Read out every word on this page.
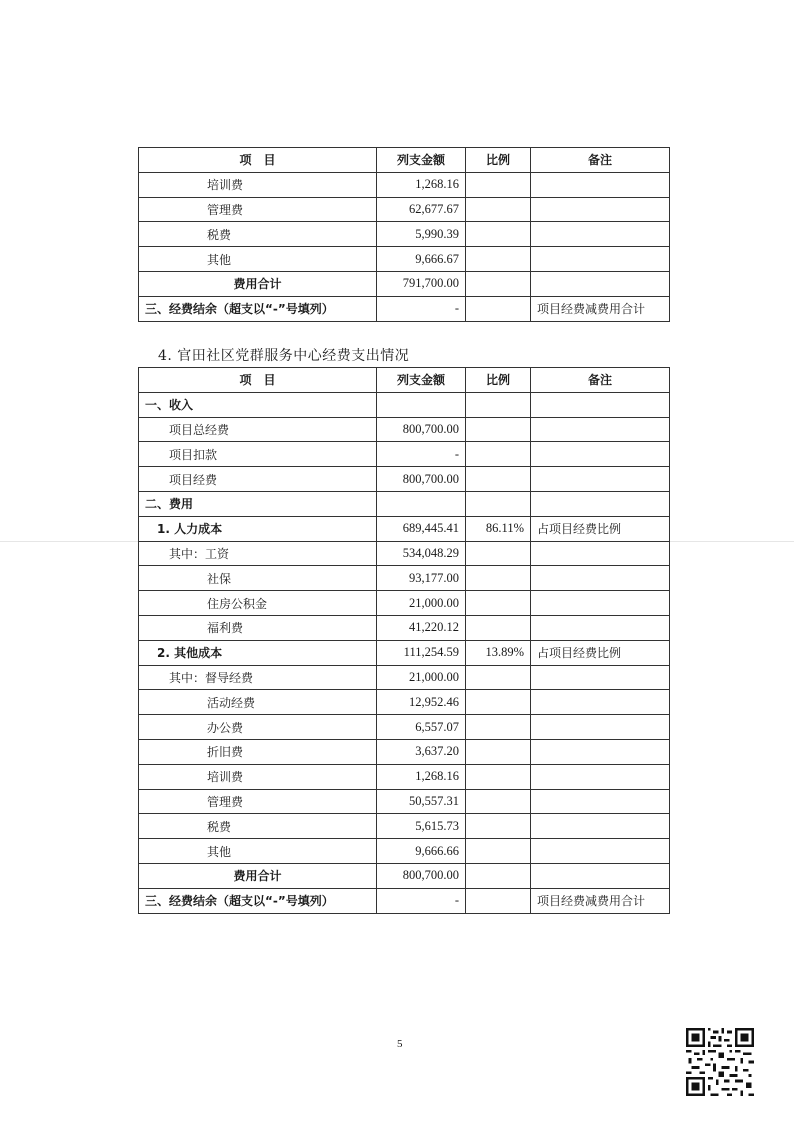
项　目	列支金额	比例	备注
培训费	1,268.16		
管理费	62,677.67		
税费	5,990.39		
其他	9,666.67		
费用合计	791,700.00		
三、经费结余（超支以“-”号填列）	-		项目经费减费用合计
4. 官田社区党群服务中心经费支出情况
项　目	列支金额	比例	备注
一、收入			
项目总经费	800,700.00		
项目扣款	-		
项目经费	800,700.00		
二、费用			
1. 人力成本	689,445.41	86.11%	占项目经费比例
其中：工资	534,048.29		
社保	93,177.00		
住房公积金	21,000.00		
福利费	41,220.12		
2. 其他成本	111,254.59	13.89%	占项目经费比例
其中：督导经费	21,000.00		
活动经费	12,952.46		
办公费	6,557.07		
折旧费	3,637.20		
培训费	1,268.16		
管理费	50,557.31		
税费	5,615.73		
其他	9,666.66		
费用合计	800,700.00		
三、经费结余（超支以“-”号填列）	-		项目经费减费用合计
5
